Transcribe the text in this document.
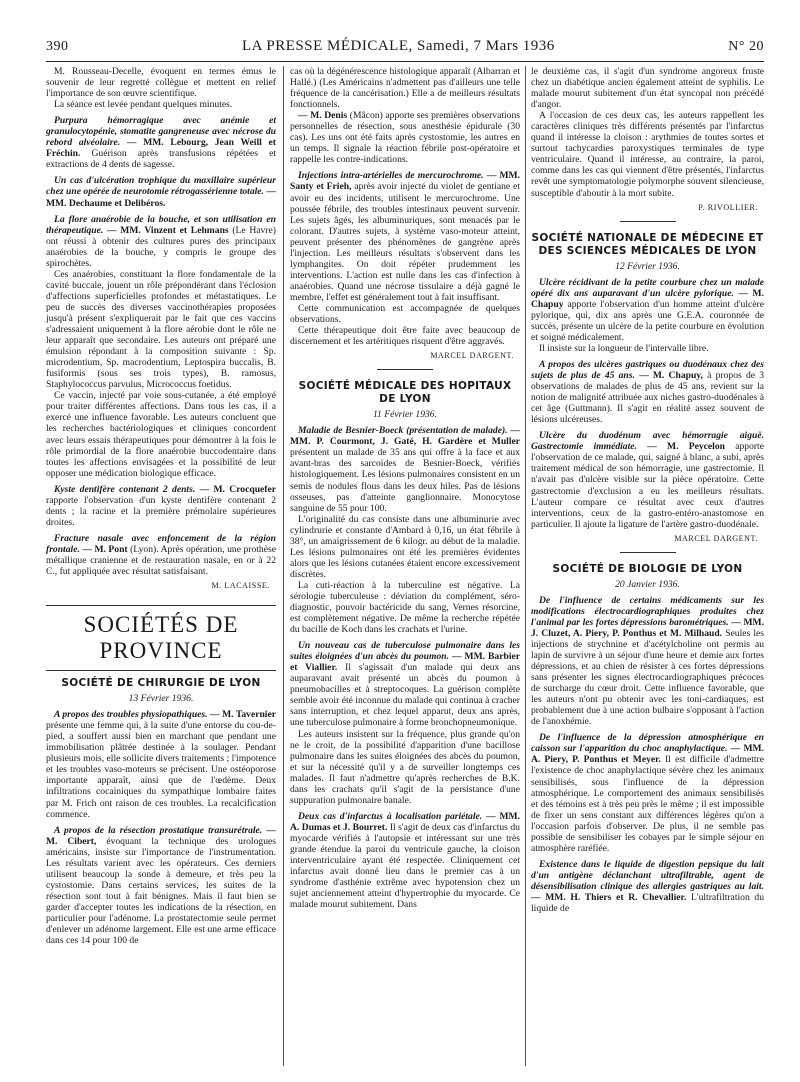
390	LA PRESSE MÉDICALE, Samedi, 7 Mars 1936	N° 20

M. Rousseau-Decelle, évoquent en termes émus le souvenir de leur regretté collègue et mettent en relief l'importance de son œuvre scientifique.

La séance est levée pendant quelques minutes.

Purpura hémorragique avec anémie et granulocytopénie, stomatite gangreneuse avec nécrose du rebord alvéolaire. — MM. Lebourg, Jean Weill et Fréchin. Guérison après transfusions répétées et extractions de 4 dents de sagesse.

Un cas d'ulcération trophique du maxillaire supérieur chez une opérée de neurotomie rétrogassérienne totale. — MM. Dechaume et Delibéros.

La flore anaérobie de la bouche, et son utilisation en thérapeutique. — MM. Vinzent et Lehmans (Le Havre) ont réussi à obtenir des cultures pures des principaux anaérobies de la bouche, y compris le groupe des spirochètes.

Ces anaérobies, constituant la flore fondamentale de la cavité buccale, jouent un rôle prépondérant dans l'éclosion d'affections superficielles profondes et métastatiques. Le peu de succès des diverses vaccinothérapies proposées jusqu'à présent s'expliquerait par le fait que ces vaccins s'adressaient uniquement à la flore aérobie dont le rôle ne leur apparaît que secondaire. Les auteurs ont préparé une émulsion répondant à la composition suivante : Sp. microdentium, Sp. macrodentium, Leptospira buccalis, B. fusiformis (sous ses trois types), B. ramosus, Staphylococcus parvulus, Micrococcus foetidus.

Ce vaccin, injecté par voie sous-cutanée, a été employé pour traiter différentes affections. Dans tous les cas, il a exercé une influence favorable. Les auteurs concluent que les recherches bactériologiques et cliniques concordent avec leurs essais thérapeutiques pour démontrer à la fois le rôle primordial de la flore anaérobie buccodentaire dans toutes les affections envisagées et la possibilité de leur opposer une médication biologique efficace.

Kyste dentifère contenant 2 dents. — M. Crocquefer rapporte l'observation d'un kyste dentifère contenant 2 dents ; la racine et la première prémolaire supérieures droites.

Fracture nasale avec enfoncement de la région frontale. — M. Pont (Lyon). Après opération, une prothèse métallique cranienne et de restauration nasale, en or à 22 C., fut appliquée avec résultat satisfaisant.

M. LACAISSE.

SOCIÉTÉS DE PROVINCE

SOCIÉTÉ DE CHIRURGIE DE LYON

13 Février 1936.

A propos des troubles physiopathiques. — M. Tavernier présente une femme qui, à la suite d'une entorse du cou-de-pied, a souffert aussi bien en marchant que pendant une immobilisation plâtrée destinée à la soulager. Pendant plusieurs mois, elle sollicite divers traitements ; l'impotence et les troubles vaso-moteurs se précisent. Une ostéoporose importante apparaît, ainsi que de l'œdème. Deux infiltrations cocaïniques du sympathique lombaire faites par M. Frich ont raison de ces troubles. La recalcification commence.

A propos de la résection prostatique transurétrale. — M. Cibert, évoquant la technique des urologues américains, insiste sur l'importance de l'instrumentation. Les résultats varient avec les opérateurs. Ces derniers utilisent beaucoup la sonde à demeure, et très peu la cystostomie. Dans certains services, les suites de la résection sont tout à fait bénignes. Mais il faut bien se garder d'accepter toutes les indications de la résection, en particulier pour l'adénome. La prostatectomie seule permet d'enlever un adénome largement. Elle est une arme efficace dans ces 14 pour 100 de

cas où la dégénérescence histologique apparaît (Albarran et Hallé.) (Les Américains n'admettent pas d'ailleurs une telle fréquence de la cancérisation.) Elle a de meilleurs résultats fonctionnels.

— M. Denis (Mâcon) apporte ses premières observations personnelles de résection, sous anesthésie épidurale (30 cas). Les uns ont été faits après cystostomie, les autres en un temps. Il signale la réaction fébrile post-opératoire et rappelle les contre-indications.

Injections intra-artérielles de mercurochrome. — MM. Santy et Frieh, après avoir injecté du violet de gentiane et avoir eu des incidents, utilisent le mercurochrome. Une poussée fébrile, des troubles intestinaux peuvent survenir. Les sujets âgés, les albuminuriques, sont menacés par le colorant. D'autres sujets, à système vaso-moteur atteint, peuvent présenter des phénomènes de gangrène après l'injection. Les meilleurs résultats s'observent dans les lymphangites. On doit répéter prudemment les interventions. L'action est nulle dans les cas d'infection à anaérobies. Quand une nécrose tissulaire a déjà gagné le membre, l'effet est généralement tout à fait insuffisant.

Cette communication est accompagnée de quelques observations.

Cette thérapeutique doit être faite avec beaucoup de discernement et les artéritiques risquent d'être aggravés.

MARCEL DARGENT.

SOCIÉTÉ MÉDICALE DES HOPITAUX DE LYON

11 Février 1936.

Maladie de Besnier-Boeck (présentation de malade). — MM. P. Courmont, J. Gaté, H. Gardère et Muller présentent un malade de 35 ans qui offre à la face et aux avant-bras des sarcoïdes de Besnier-Boeck, vérifiés histologiquement. Les lésions pulmonaires consistent en un semis de nodules flous dans les deux hiles. Pas de lésions osseuses, pas d'atteinte ganglionnaire. Monocytose sanguine de 55 pour 100.

L'originalité du cas consiste dans une albuminurie avec cylindrurie et constante d'Ambard à 0,16, un état fébrile à 38°, un amaigrissement de 6 kilogr. au début de la maladie. Les lésions pulmonaires ont été les premières évidentes alors que les lésions cutanées étaient encore excessivement discrètes.

La cuti-réaction à la tuberculine est négative. La sérologie tuberculeuse : déviation du complément, séro-diagnostic, pouvoir bactéricide du sang, Vernes résorcine, est complètement négative. De même la recherche répétée du bacille de Koch dans les crachats et l'urine.

Un nouveau cas de tuberculose pulmonaire dans les suites éloignées d'un abcès du poumon. — MM. Barbier et Viallier. Il s'agissait d'un malade qui deux ans auparavant avait présenté un abcès du poumon à pneumobacilles et à streptocoques. La guérison complète semble avoir été inconnue du malade qui continua à cracher sans interruption, et chez lequel apparut, deux ans après, une tuberculose pulmonaire à forme bronchopneumonique.

Les auteurs insistent sur la fréquence, plus grande qu'on ne le croit, de la possibilité d'apparition d'une bacillose pulmonaire dans les suites éloignées des abcès du poumon, et sur la nécessité qu'il y a de surveiller longtemps ces malades. Il faut n'admettre qu'après recherches de B.K. dans les crachats qu'il s'agit de la persistance d'une suppuration pulmonaire banale.

Deux cas d'infarctus à localisation pariétale. — MM. A. Dumas et J. Bourret. Il s'agit de deux cas d'infarctus du myocarde vérifiés à l'autopsie et intéressant sur une très grande étendue la paroi du ventricule gauche, la cloison interventriculaire ayant été respectée. Cliniquement cet infarctus avait donné lieu dans le premier cas à un syndrome d'asthénie extrême avec hypotension chez un sujet anciennement atteint d'hypertrophie du myocarde. Ce malade mourut subitement. Dans

le deuxième cas, il s'agit d'un syndrome angoreux fruste chez un diabétique ancien également atteint de syphilis. Le malade mourut subitement d'un état syncopal non précédé d'angor.

A l'occasion de ces deux cas, les auteurs rappellent les caractères cliniques très différents présentés par l'infarctus quand il intéresse la cloison : arythmies de toutes sortes et surtout tachycardies paroxystiques terminales de type ventriculaire. Quand il intéresse, au contraire, la paroi, comme dans les cas qui viennent d'être présentés, l'infarctus revêt une symptomatologie polymorphe souvent silencieuse, susceptible d'aboutir à la mort subite.

P. RIVOLLIER.

SOCIÉTÉ NATIONALE DE MÉDECINE ET DES SCIENCES MÉDICALES DE LYON

12 Février 1936.

Ulcère récidivant de la petite courbure chez un malade opéré dix ans auparavant d'un ulcère pylorique. — M. Chapuy apporte l'observation d'un homme atteint d'ulcère pylorique, qui, dix ans après une G.E.A. couronnée de succès, présente un ulcère de la petite courbure en évolution et soigné médicalement.

Il insiste sur la longueur de l'intervalle libre.

A propos des ulcères gastriques ou duodénaux chez des sujets de plus de 45 ans. — M. Chapuy, à propos de 3 observations de malades de plus de 45 ans, revient sur la notion de malignité attribuée aux niches gastro-duodénales à cet âge (Guttmann). Il s'agit en réalité assez souvent de lésions ulcéreuses.

Ulcère du duodénum avec hémorragie aiguë. Gastrectomie immédiate. — M. Peycelon apporte l'observation de ce malade, qui, saigné à blanc, a subi, après traitement médical de son hémorragie, une gastrectomie. Il n'avait pas d'ulcère visible sur la pièce opératoire. Cette gastrectomie d'exclusion a eu les meilleurs résultats. L'auteur compare ce résultat avec ceux d'autres interventions, ceux de la gastro-entéro-anastomose en particulier. Il ajoute la ligature de l'artère gastro-duodénale.

MARCEL DARGENT.

SOCIÉTÉ DE BIOLOGIE DE LYON

20 Janvier 1936.

De l'influence de certains médicaments sur les modifications électrocardiographiques produites chez l'animal par les fortes dépressions barométriques. — MM. J. Cluzet, A. Piery, P. Ponthus et M. Milhaud. Seules les injections de strychnine et d'acétylcholine ont permis au lapin de survivre à un séjour d'une heure et demie aux fortes dépressions, et au chien de résister à ces fortes dépressions sans présenter les signes électrocardiographiques précoces de surcharge du cœur droit. Cette influence favorable, que les auteurs n'ont pu obtenir avec les toni-cardiaques, est probablement due à une action bulbaire s'opposant à l'action de l'anoxhémie.

De l'influence de la dépression atmosphérique en caisson sur l'apparition du choc anaphylactique. — MM. A. Piery, P. Ponthus et Meyer. Il est difficile d'admettre l'existence de choc anaphylactique sévère chez les animaux sensibilisés, sous l'influence de la dépression atmosphérique. Le comportement des animaux sensibilisés et des témoins est à très peu près le même ; il est impossible de fixer un sens constant aux différences légères qu'on a l'occasion parfois d'observer. De plus, il ne semble pas possible de sensibiliser les cobayes par le simple séjour en atmosphère raréfiée.

Existence dans le liquide de digestion pepsique du lait d'un antigène déclanchant ultrafiltrable, agent de désensibilisation clinique des allergies gastriques au lait. — MM. H. Thiers et R. Chevallier. L'ultrafiltration du liquide de
